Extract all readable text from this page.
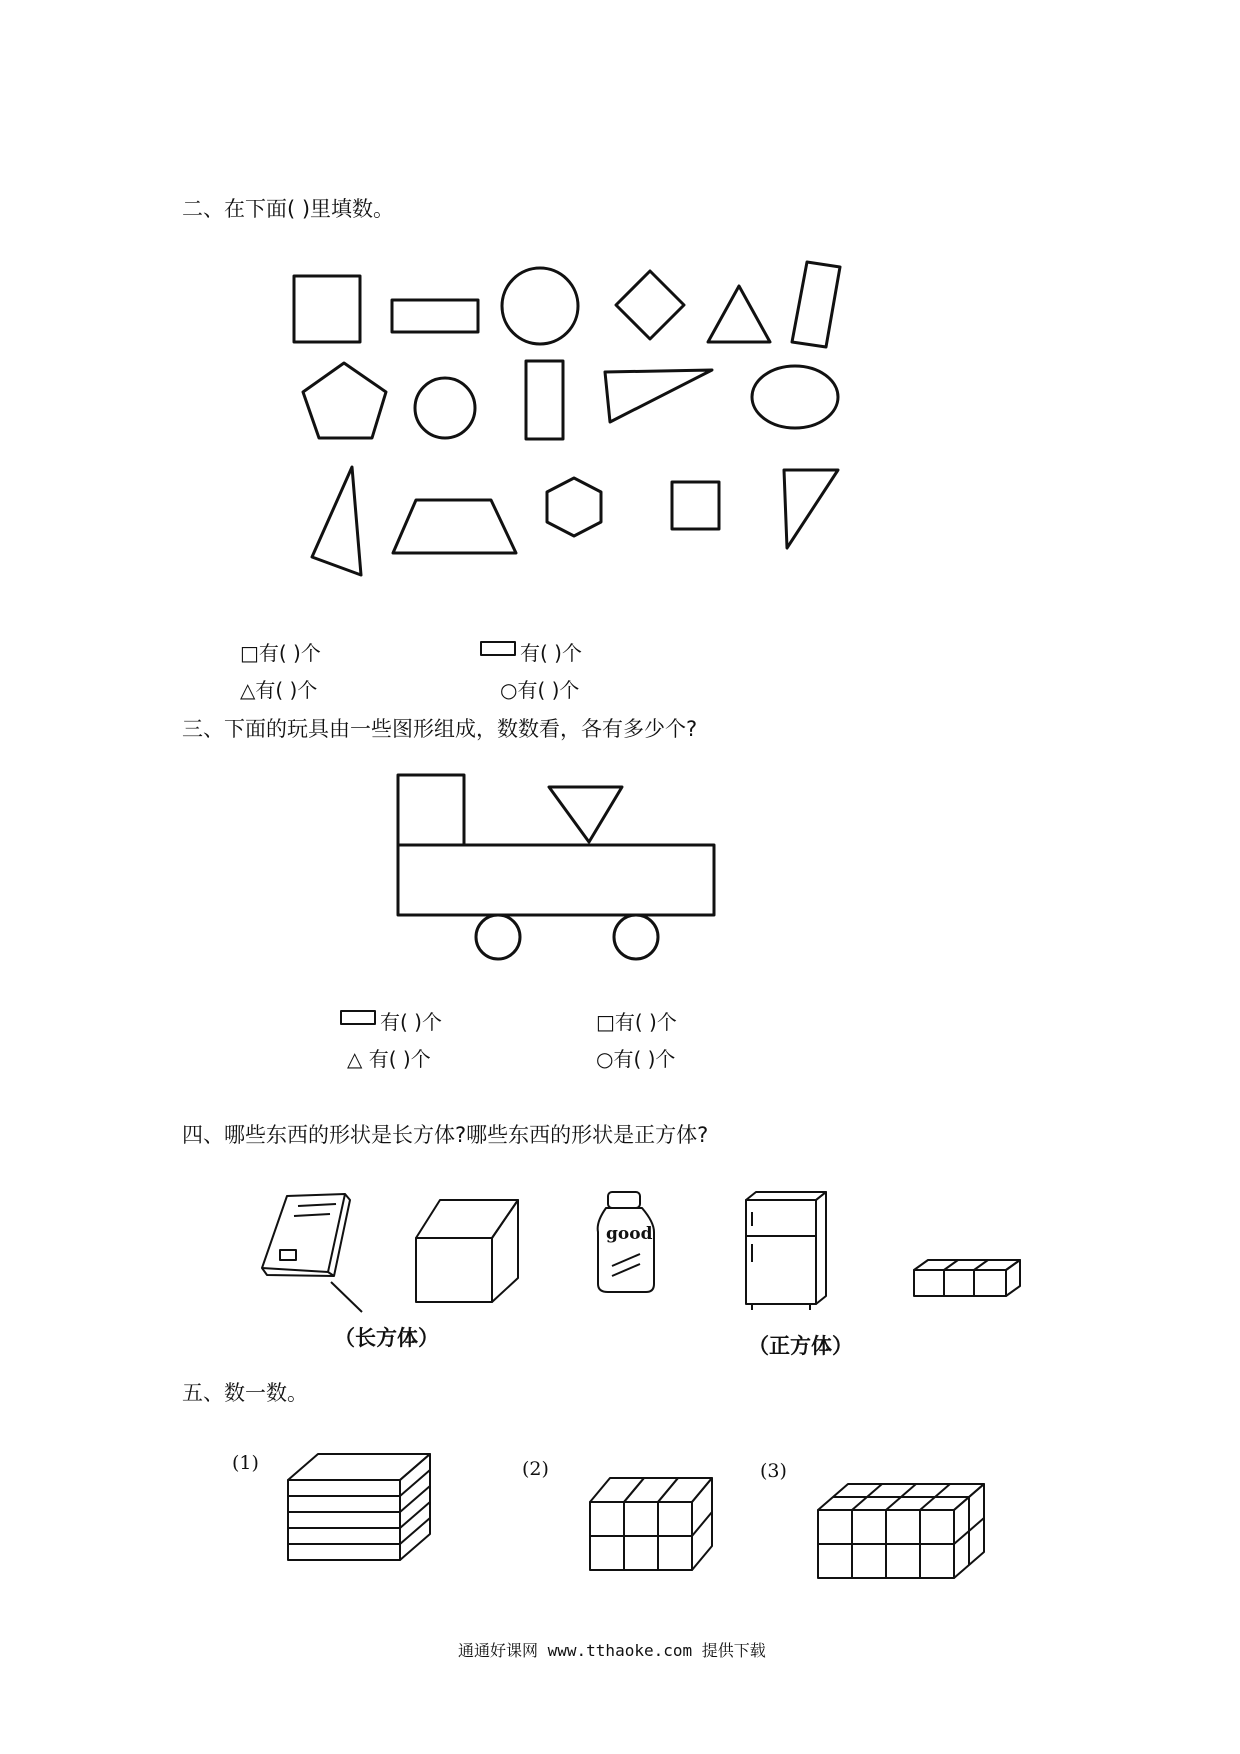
二、在下面( )里填数。
□有( )个	有( )个
△有( )个	○有( )个
三、下面的玩具由一些图形组成，数数看，各有多少个?
有( )个	□有( )个
△ 有( )个	○有( )个
四、哪些东西的形状是长方体?哪些东西的形状是正方体?
good
（长方体）	（正方体）
五、数一数。
(1)	(2)	(3)
通通好课网 www.tthaoke.com 提供下载
